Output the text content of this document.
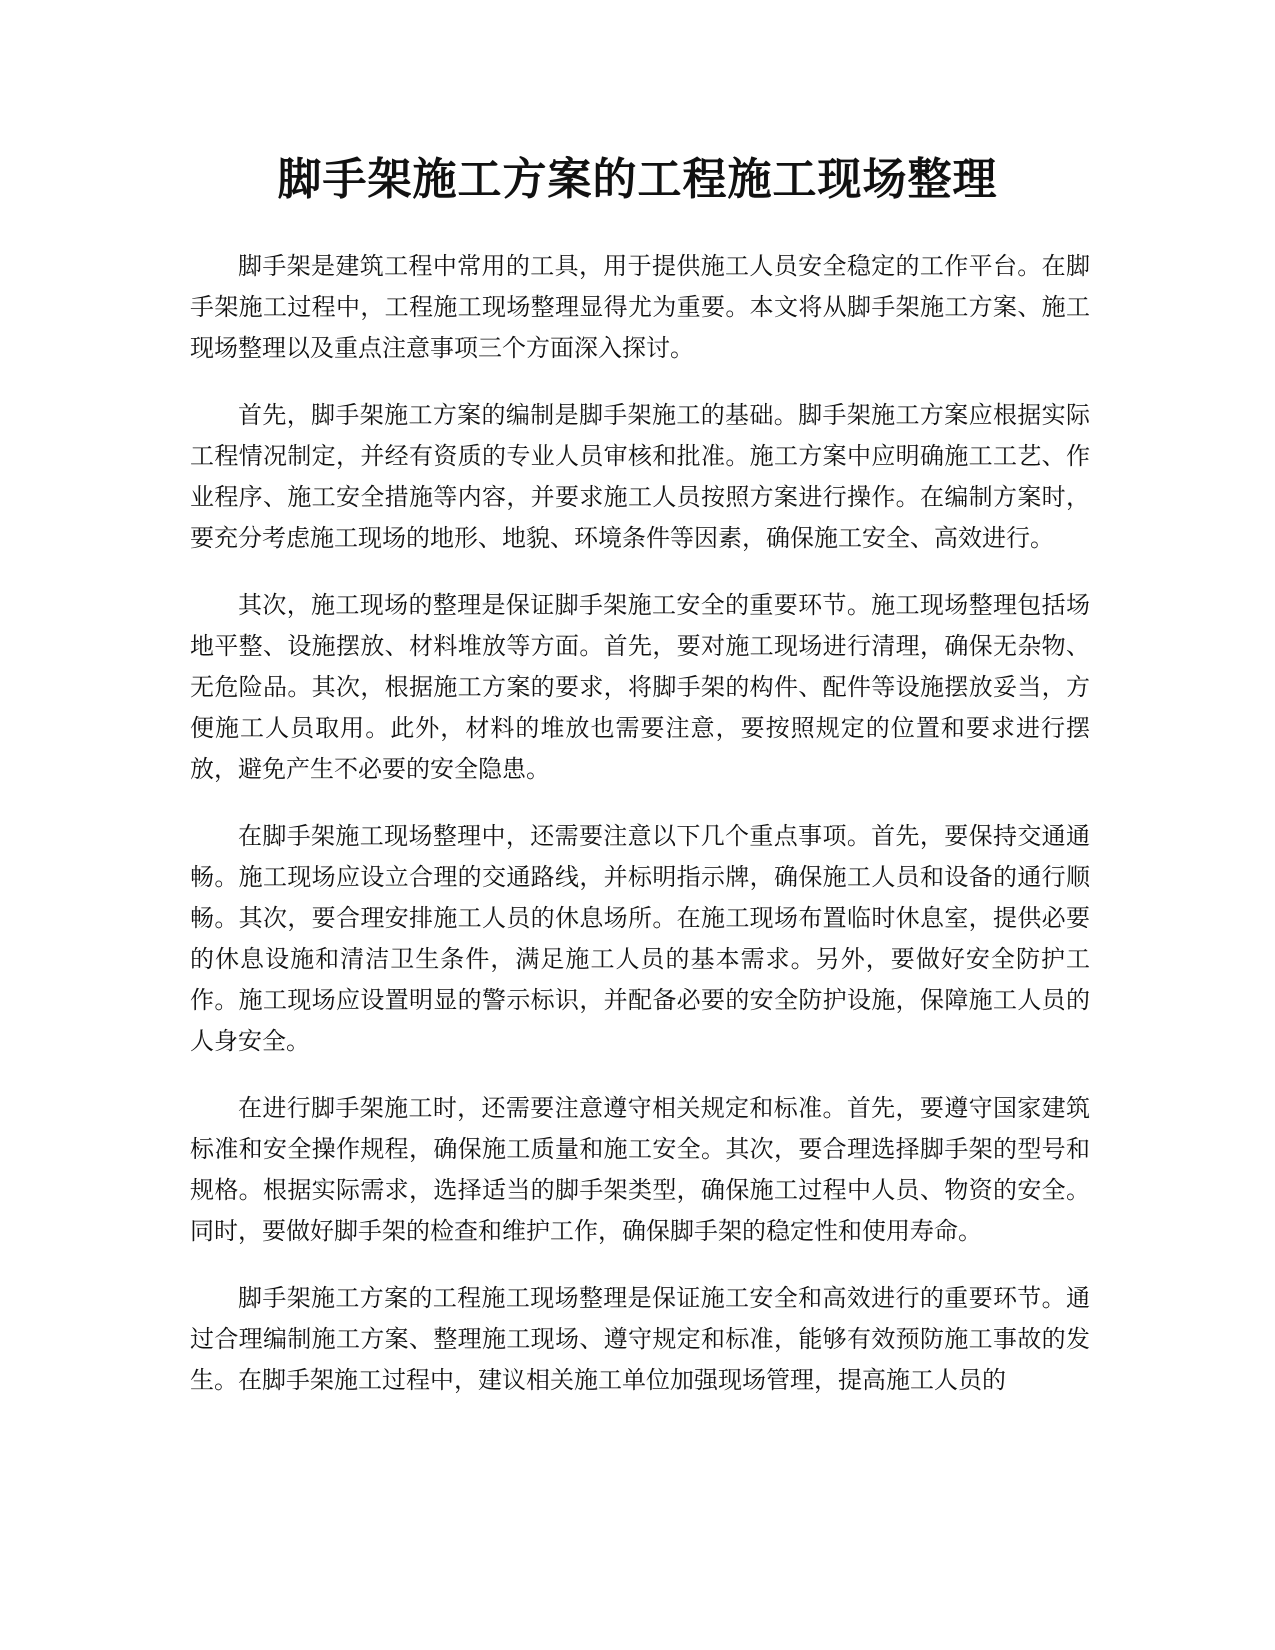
脚手架施工方案的工程施工现场整理

脚手架是建筑工程中常用的工具，用于提供施工人员安全稳定的工作平台。在脚手架施工过程中，工程施工现场整理显得尤为重要。本文将从脚手架施工方案、施工现场整理以及重点注意事项三个方面深入探讨。

首先，脚手架施工方案的编制是脚手架施工的基础。脚手架施工方案应根据实际工程情况制定，并经有资质的专业人员审核和批准。施工方案中应明确施工工艺、作业程序、施工安全措施等内容，并要求施工人员按照方案进行操作。在编制方案时，要充分考虑施工现场的地形、地貌、环境条件等因素，确保施工安全、高效进行。

其次，施工现场的整理是保证脚手架施工安全的重要环节。施工现场整理包括场地平整、设施摆放、材料堆放等方面。首先，要对施工现场进行清理，确保无杂物、无危险品。其次，根据施工方案的要求，将脚手架的构件、配件等设施摆放妥当，方便施工人员取用。此外，材料的堆放也需要注意，要按照规定的位置和要求进行摆放，避免产生不必要的安全隐患。

在脚手架施工现场整理中，还需要注意以下几个重点事项。首先，要保持交通通畅。施工现场应设立合理的交通路线，并标明指示牌，确保施工人员和设备的通行顺畅。其次，要合理安排施工人员的休息场所。在施工现场布置临时休息室，提供必要的休息设施和清洁卫生条件，满足施工人员的基本需求。另外，要做好安全防护工作。施工现场应设置明显的警示标识，并配备必要的安全防护设施，保障施工人员的人身安全。

在进行脚手架施工时，还需要注意遵守相关规定和标准。首先，要遵守国家建筑标准和安全操作规程，确保施工质量和施工安全。其次，要合理选择脚手架的型号和规格。根据实际需求，选择适当的脚手架类型，确保施工过程中人员、物资的安全。同时，要做好脚手架的检查和维护工作，确保脚手架的稳定性和使用寿命。

脚手架施工方案的工程施工现场整理是保证施工安全和高效进行的重要环节。通过合理编制施工方案、整理施工现场、遵守规定和标准，能够有效预防施工事故的发生。在脚手架施工过程中，建议相关施工单位加强现场管理，提高施工人员的
